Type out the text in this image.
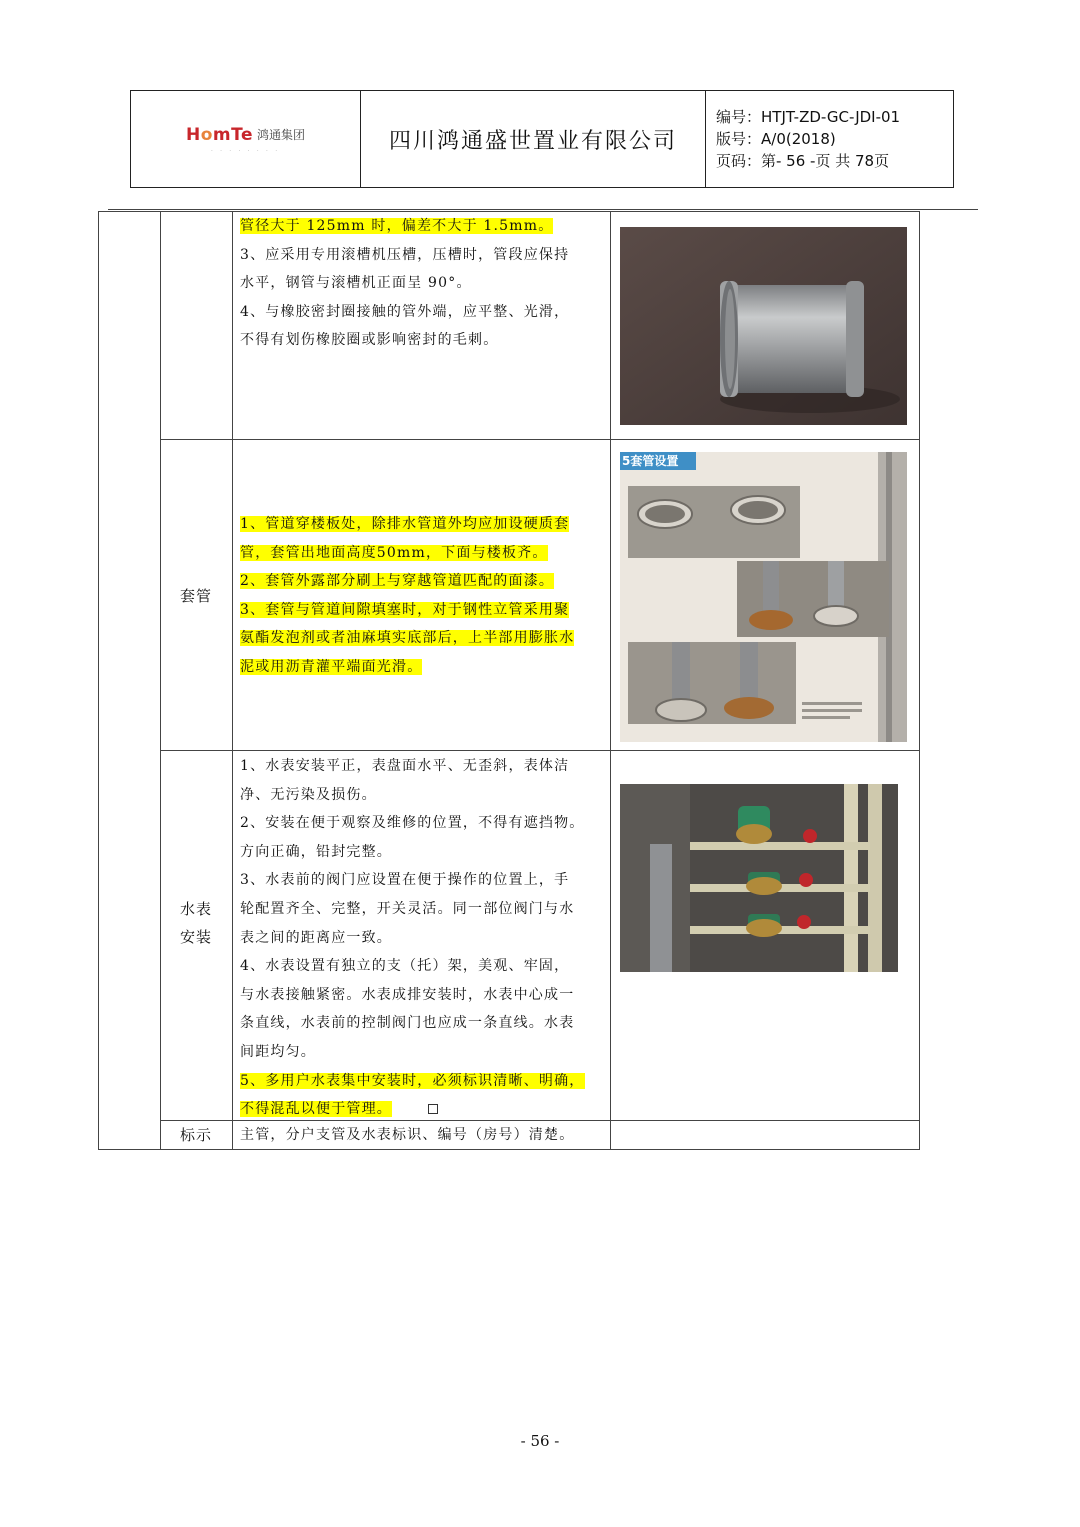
HomTe 鸿通集团
· · · · · · · ·	四川鸿通盛世置业有限公司
编号：HTJT-ZD-GC-JDⅠ-01
版号：A/0(2018)
页码：第- 56 -页 共 78页

管径大于 125mm 时，偏差不大于 1.5mm。

3、应采用专用滚槽机压槽，压槽时，管段应保持

水平，钢管与滚槽机正面呈 90°。

4、与橡胶密封圈接触的管外端，应平整、光滑，

不得有划伤橡胶圈或影响密封的毛刺。

套管

1、管道穿楼板处，除排水管道外均应加设硬质套

管，套管出地面高度50mm，下面与楼板齐。

2、套管外露部分刷上与穿越管道匹配的面漆。

3、套管与管道间隙填塞时，对于钢性立管采用聚

氨酯发泡剂或者油麻填实底部后，上半部用膨胀水

泥或用沥青灌平端面光滑。

5套管设置
水表
安装

1、水表安装平正，表盘面水平、无歪斜，表体洁

净、无污染及损伤。

2、安装在便于观察及维修的位置，不得有遮挡物。

方向正确，铅封完整。

3、水表前的阀门应设置在便于操作的位置上，手

轮配置齐全、完整，开关灵活。同一部位阀门与水

表之间的距离应一致。

4、水表设置有独立的支（托）架，美观、牢固，

与水表接触紧密。水表成排安装时，水表中心成一

条直线，水表前的控制阀门也应成一条直线。水表

间距均匀。

5、多用户水表集中安装时，必须标识清晰、明确，

不得混乱以便于管理。

标示	主管，分户支管及水表标识、编号（房号）清楚。
- 56 -
